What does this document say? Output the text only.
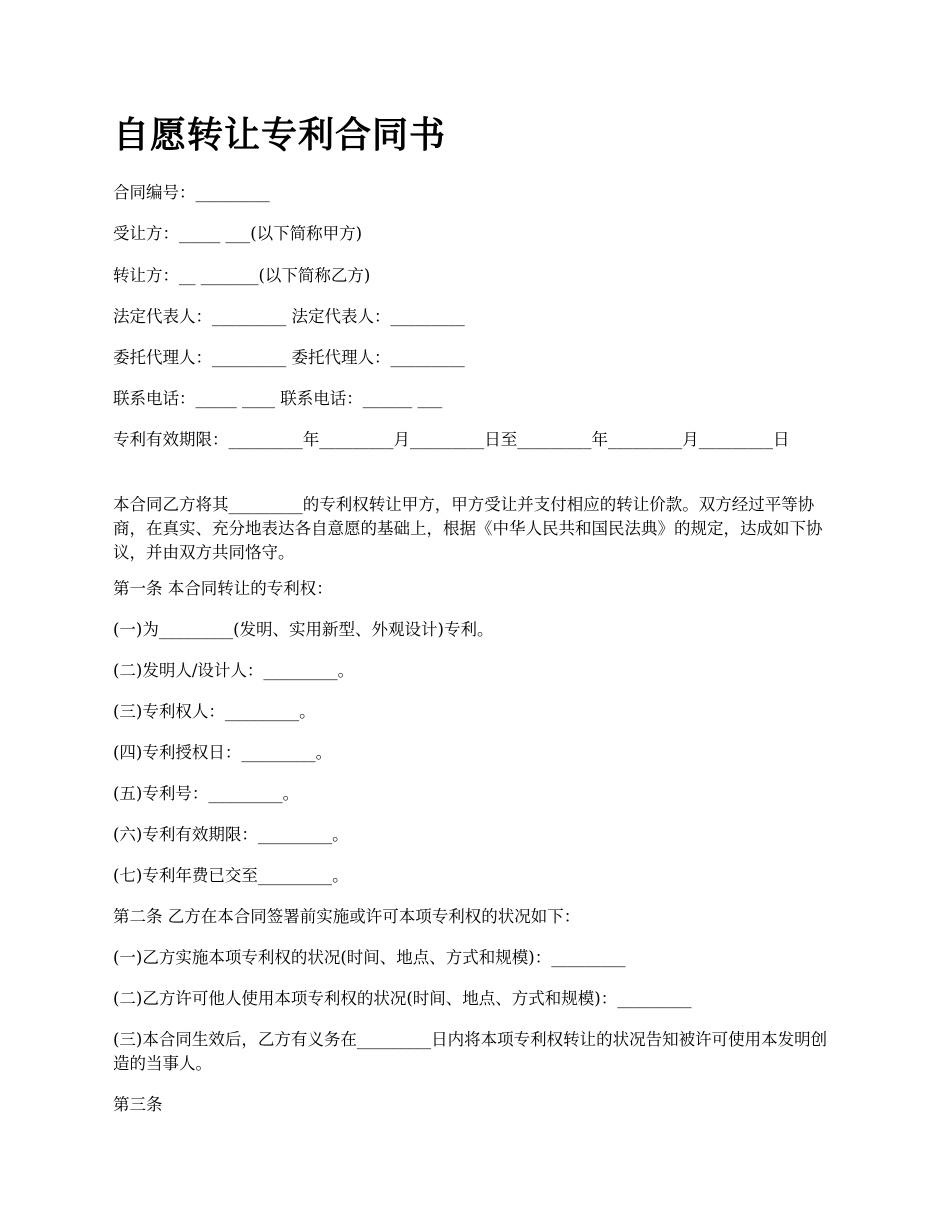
自愿转让专利合同书

合同编号：_________

受让方：_____ ___(以下简称甲方)

转让方：__ _______(以下简称乙方)

法定代表人：_________ 法定代表人：_________

委托代理人：_________ 委托代理人：_________

联系电话：_____ ____ 联系电话：______ ___

专利有效期限：_________年_________月_________日至_________年_________月_________日

本合同乙方将其_________的专利权转让甲方，甲方受让并支付相应的转让价款。双方经过平等协商，在真实、充分地表达各自意愿的基础上，根据《中华人民共和国民法典》的规定，达成如下协议，并由双方共同恪守。

第一条 本合同转让的专利权：

(一)为_________(发明、实用新型、外观设计)专利。

(二)发明人/设计人：_________。

(三)专利权人：_________。

(四)专利授权日：_________。

(五)专利号：_________。

(六)专利有效期限：_________。

(七)专利年费已交至_________。

第二条 乙方在本合同签署前实施或许可本项专利权的状况如下：

(一)乙方实施本项专利权的状况(时间、地点、方式和规模)：_________

(二)乙方许可他人使用本项专利权的状况(时间、地点、方式和规模)：_________

(三)本合同生效后，乙方有义务在_________日内将本项专利权转让的状况告知被许可使用本发明创造的当事人。

第三条
